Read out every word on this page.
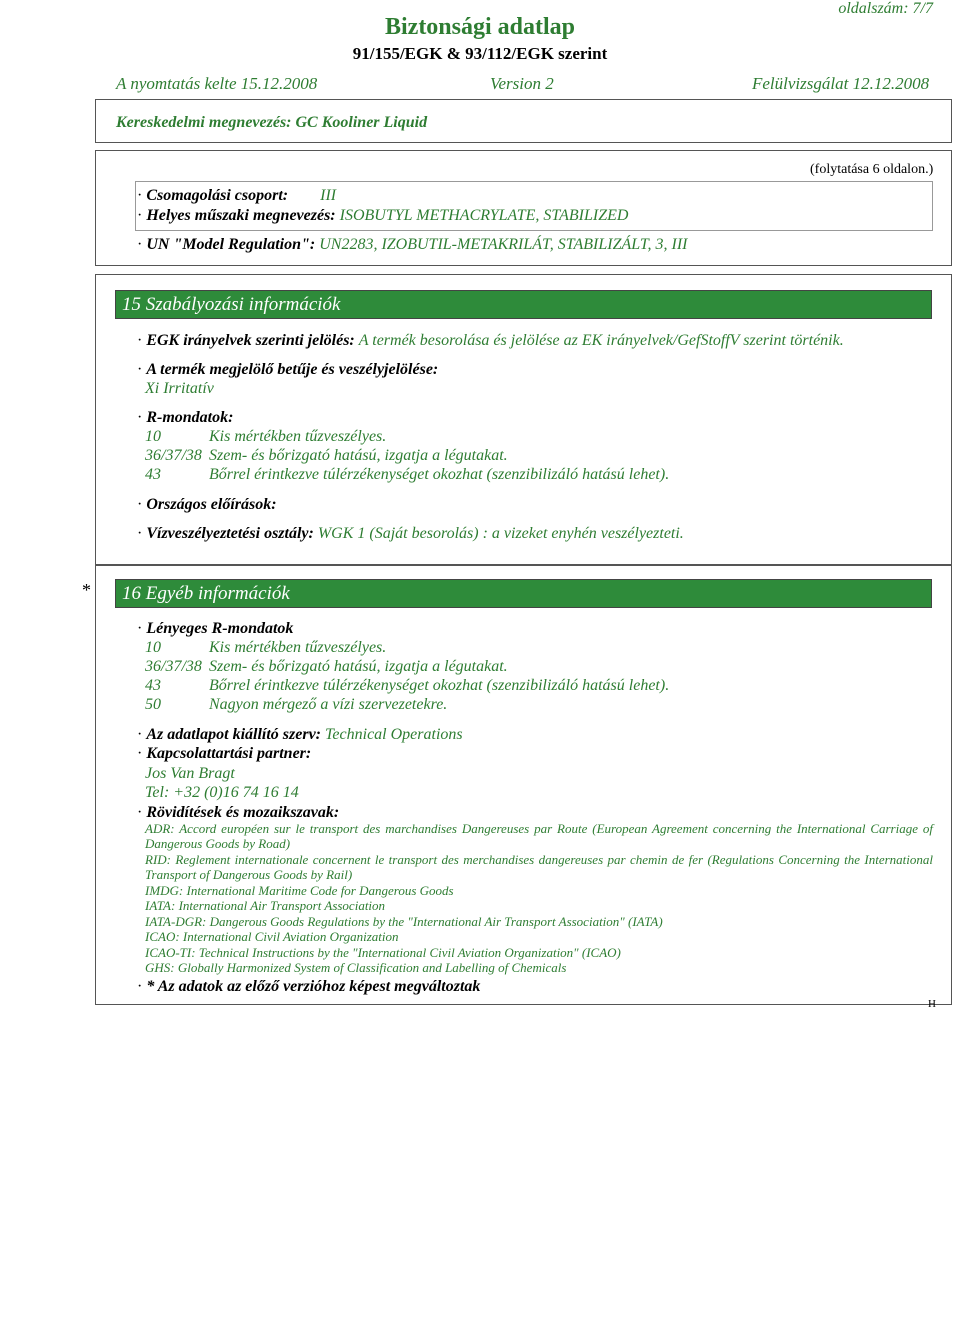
oldalszám: 7/7
Biztonsági adatlap
91/155/EGK & 93/112/EGK szerint
A nyomtatás kelte 15.12.2008	Version 2	Felülvizsgálat 12.12.2008
Kereskedelmi megnevezés: GC Kooliner Liquid
(folytatása 6 oldalon.)
· Csomagolási csoport: III
· Helyes műszaki megnevezés: ISOBUTYL METHACRYLATE, STABILIZED
· UN "Model Regulation": UN2283, IZOBUTIL-METAKRILÁT, STABILIZÁLT, 3, III
15 Szabályozási információk
· EGK irányelvek szerinti jelölés: A termék besorolása és jelölése az EK irányelvek/GefStoffV szerint történik.
· A termék megjelölő betűje és veszélyjelölése:
Xi Irritatív
· R-mondatok:
10	Kis mértékben tűzveszélyes.
36/37/38 Szem- és bőrizgató hatású, izgatja a légutakat.
43	Bőrrel érintkezve túlérzékenységet okozhat (szenzibilizáló hatású lehet).
· Országos előírások:
· Vízveszélyeztetési osztály: WGK 1 (Saját besorolás) : a vizeket enyhén veszélyezteti.
*	16 Egyéb információk
· Lényeges R-mondatok
10	Kis mértékben tűzveszélyes.
36/37/38 Szem- és bőrizgató hatású, izgatja a légutakat.
43	Bőrrel érintkezve túlérzékenységet okozhat (szenzibilizáló hatású lehet).
50	Nagyon mérgező a vízi szervezetekre.
· Az adatlapot kiállító szerv: Technical Operations
· Kapcsolattartási partner:
Jos Van Bragt
Tel: +32 (0)16 74 16 14
· Rövidítések és mozaikszavak:
ADR: Accord européen sur le transport des marchandises Dangereuses par Route (European Agreement concerning the International Carriage of Dangerous Goods by Road)
RID: Reglement internationale concernent le transport des merchandises dangereuses par chemin de fer (Regulations Concerning the International Transport of Dangerous Goods by Rail)
IMDG: International Maritime Code for Dangerous Goods
IATA: International Air Transport Association
IATA-DGR: Dangerous Goods Regulations by the "International Air Transport Association" (IATA)
ICAO: International Civil Aviation Organization
ICAO-TI: Technical Instructions by the "International Civil Aviation Organization" (ICAO)
GHS: Globally Harmonized System of Classification and Labelling of Chemicals
· * Az adatok az előző verzióhoz képest megváltoztak
H
